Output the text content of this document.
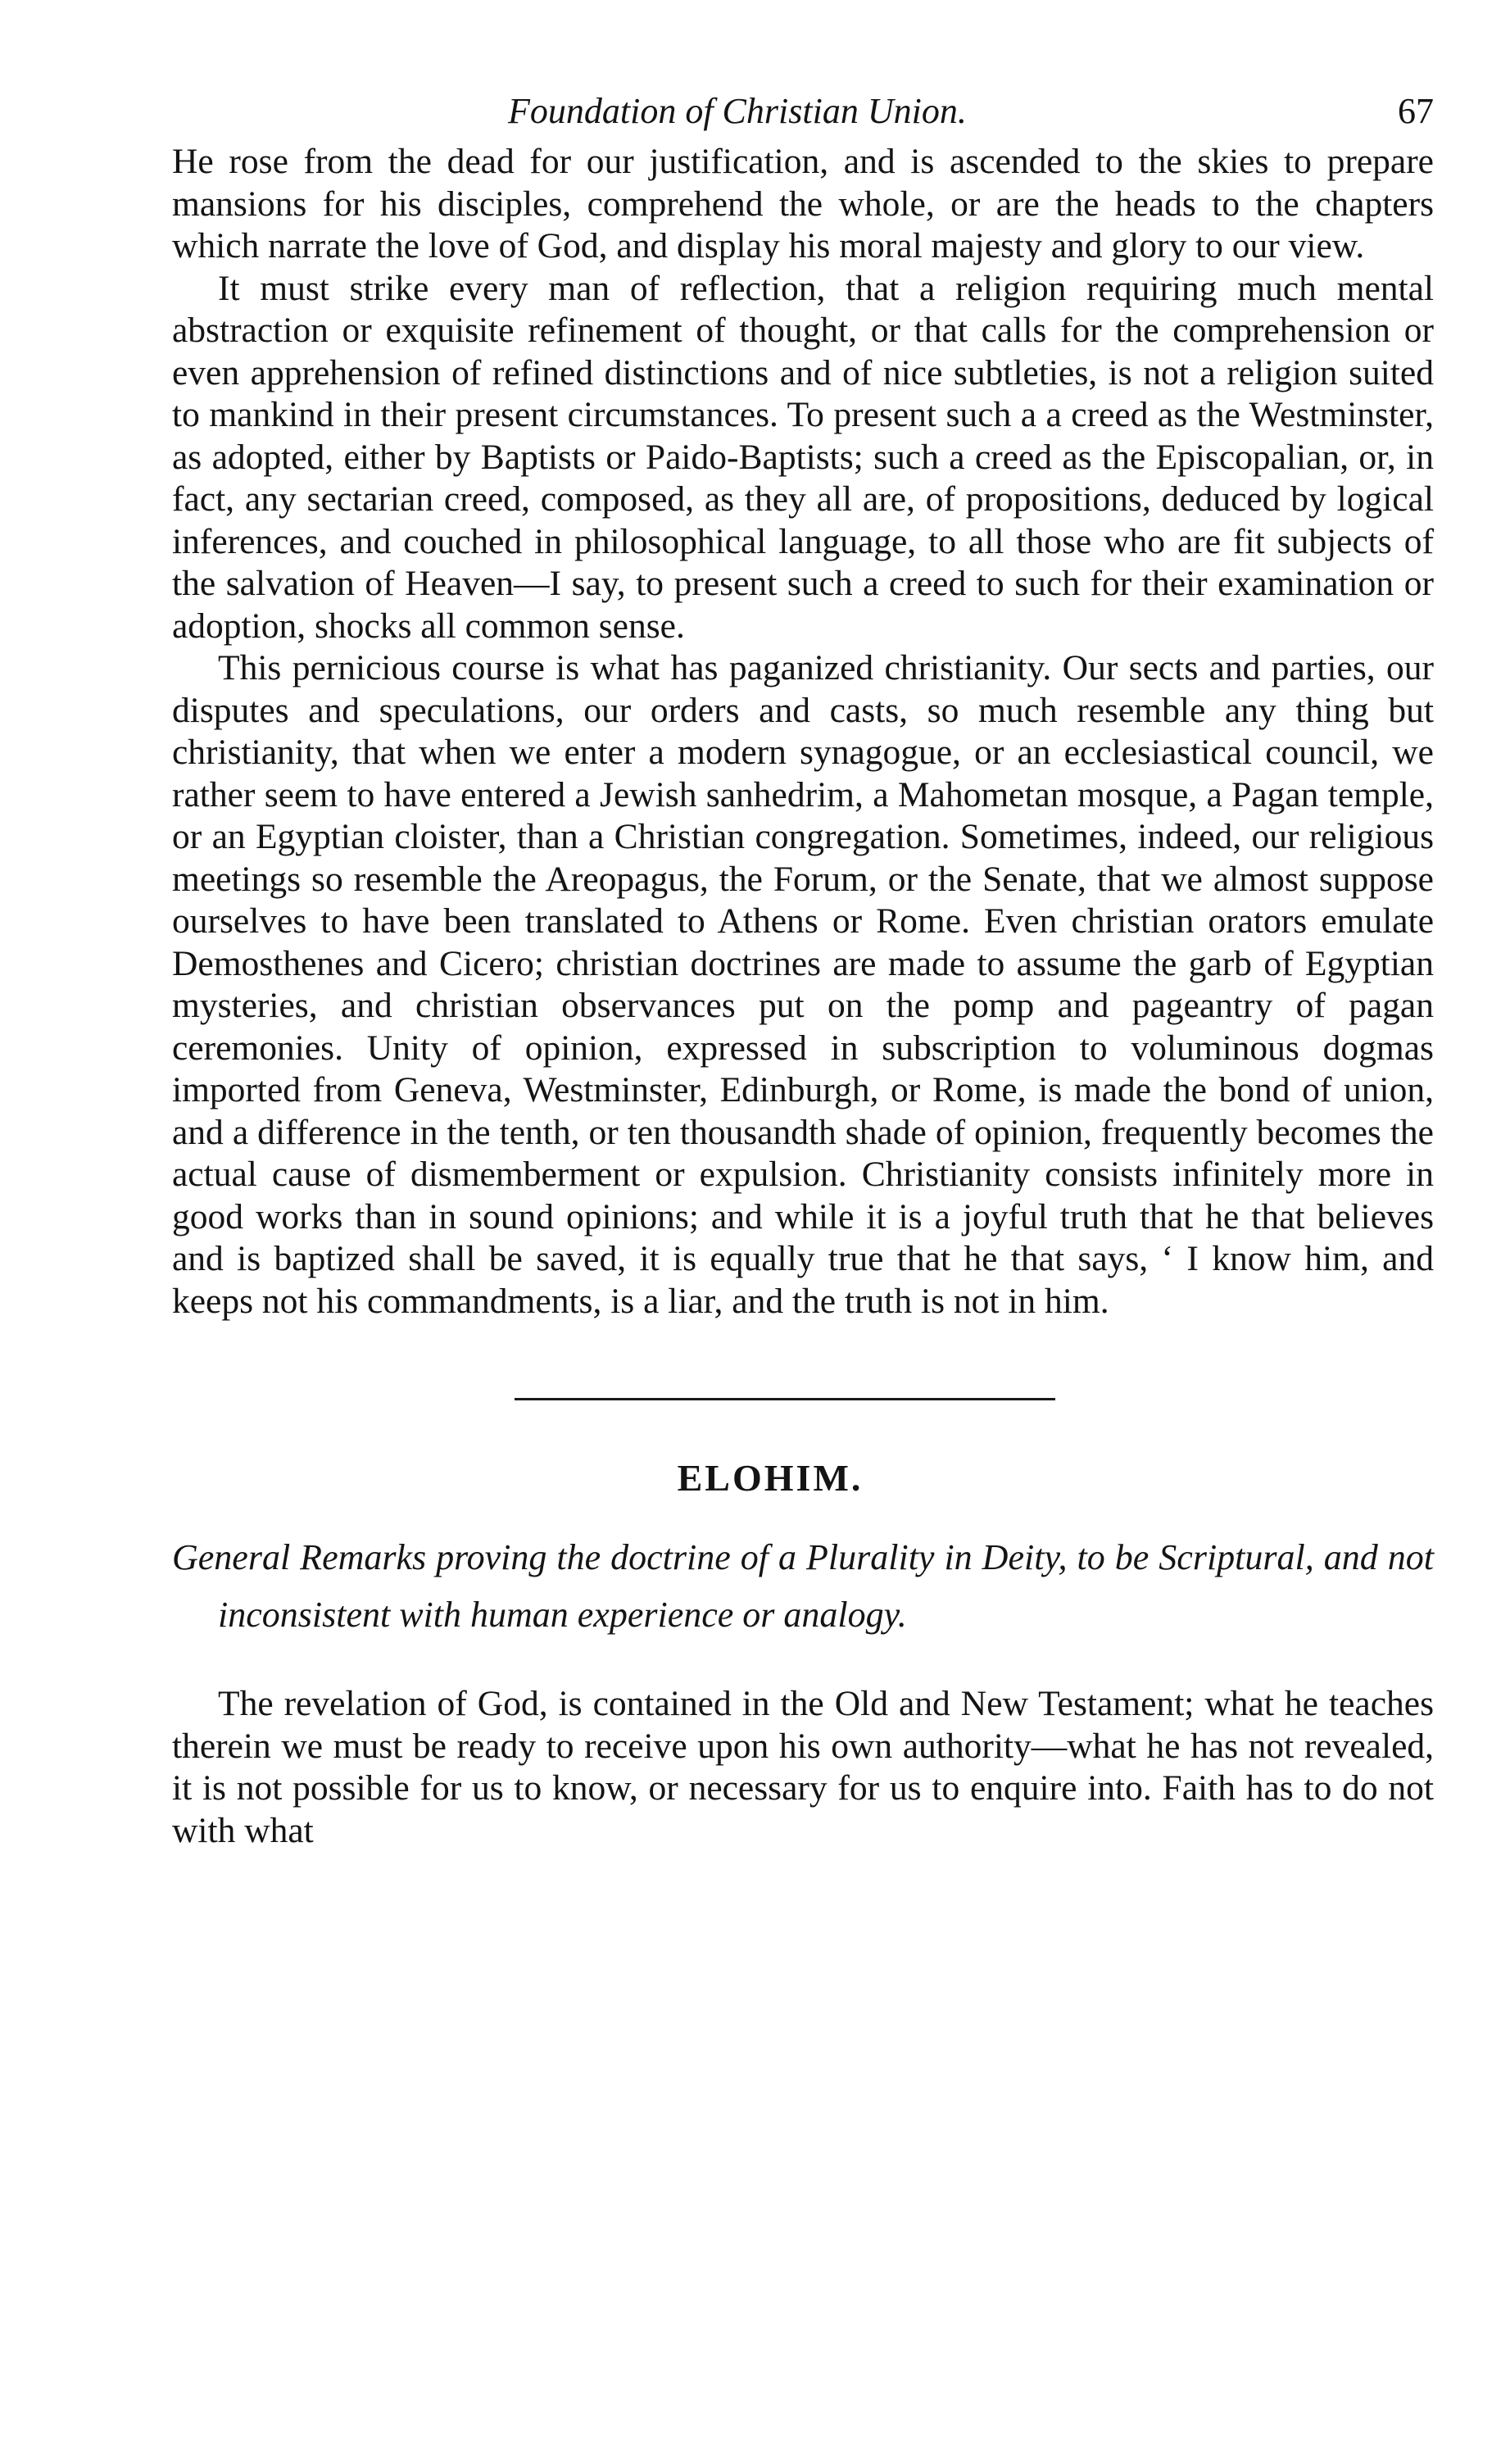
Foundation of Christian Union.	67

He rose from the dead for our justification, and is ascended to the skies to prepare mansions for his disciples, comprehend the whole, or are the heads to the chapters which narrate the love of God, and display his moral majesty and glory to our view.

It must strike every man of reflection, that a religion requiring much mental abstraction or exquisite refinement of thought, or that calls for the comprehension or even apprehension of refined distinctions and of nice subtleties, is not a religion suited to mankind in their present circumstances. To present such a a creed as the Westminster, as adopted, either by Baptists or Paido-Baptists; such a creed as the Episcopalian, or, in fact, any sectarian creed, composed, as they all are, of propositions, deduced by logical inferences, and couched in philosophical language, to all those who are fit subjects of the salvation of Heaven—I say, to present such a creed to such for their examination or adoption, shocks all common sense.

This pernicious course is what has paganized christianity. Our sects and parties, our disputes and speculations, our orders and casts, so much resemble any thing but christianity, that when we enter a modern synagogue, or an ecclesiastical council, we rather seem to have entered a Jewish sanhedrim, a Mahometan mosque, a Pagan temple, or an Egyptian cloister, than a Christian congregation. Sometimes, indeed, our religious meetings so resemble the Areopagus, the Forum, or the Senate, that we almost suppose ourselves to have been translated to Athens or Rome. Even christian orators emulate Demosthenes and Cicero; christian doctrines are made to assume the garb of Egyptian mysteries, and christian observances put on the pomp and pageantry of pagan ceremonies. Unity of opinion, expressed in subscription to voluminous dogmas imported from Geneva, Westminster, Edinburgh, or Rome, is made the bond of union, and a difference in the tenth, or ten thousandth shade of opinion, frequently becomes the actual cause of dismemberment or expulsion. Christianity consists infinitely more in good works than in sound opinions; and while it is a joyful truth that he that believes and is baptized shall be saved, it is equally true that he that says, ‘ I know him, and keeps not his commandments, is a liar, and the truth is not in him.

ELOHIM.

General Remarks proving the doctrine of a Plurality in Deity, to be Scriptural, and not inconsistent with human experience or analogy.

The revelation of God, is contained in the Old and New Testament; what he teaches therein we must be ready to receive upon his own authority—what he has not revealed, it is not possible for us to know, or necessary for us to enquire into. Faith has to do not with what
